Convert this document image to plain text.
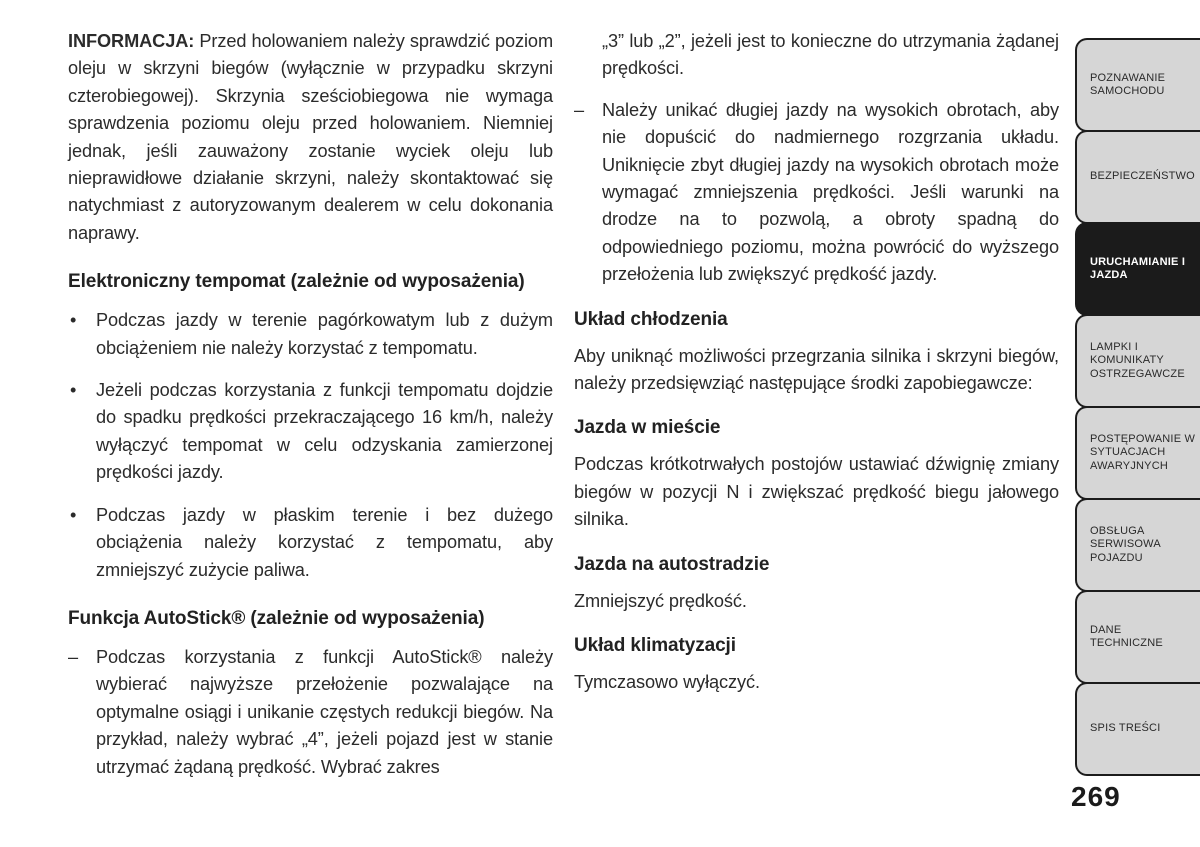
INFORMACJA: Przed holowaniem należy sprawdzić poziom oleju w skrzyni biegów (wyłącznie w przypadku skrzyni czterobiegowej). Skrzynia sześciobiegowa nie wymaga sprawdzenia poziomu oleju przed holowaniem. Niemniej jednak, jeśli zauważony zostanie wyciek oleju lub nieprawidłowe działanie skrzyni, należy skontaktować się natychmiast z autoryzowanym dealerem w celu dokonania naprawy.

Elektroniczny tempomat (zależnie od wyposażenia)
• Podczas jazdy w terenie pagórkowatym lub z dużym obciążeniem nie należy korzystać z tempomatu.
• Jeżeli podczas korzystania z funkcji tempomatu dojdzie do spadku prędkości przekraczającego 16 km/h, należy wyłączyć tempomat w celu odzyskania zamierzonej prędkości jazdy.
• Podczas jazdy w płaskim terenie i bez dużego obciążenia należy korzystać z tempomatu, aby zmniejszyć zużycie paliwa.
Funkcja AutoStick® (zależnie od wyposażenia)
– Podczas korzystania z funkcji AutoStick® należy wybierać najwyższe przełożenie pozwalające na optymalne osiągi i unikanie częstych redukcji biegów. Na przykład, należy wybrać „4”, jeżeli pojazd jest w stanie utrzymać żądaną prędkość. Wybrać zakres

„3” lub „2”, jeżeli jest to konieczne do utrzymania żądanej prędkości.

– Należy unikać długiej jazdy na wysokich obrotach, aby nie dopuścić do nadmiernego rozgrzania układu. Uniknięcie zbyt długiej jazdy na wysokich obrotach może wymagać zmniejszenia prędkości. Jeśli warunki na drodze na to pozwolą, a obroty spadną do odpowiedniego poziomu, można powrócić do wyższego przełożenia lub zwiększyć prędkość jazdy.
Układ chłodzenia

Aby uniknąć możliwości przegrzania silnika i skrzyni biegów, należy przedsięwziąć następujące środki zapobiegawcze:

Jazda w mieście

Podczas krótkotrwałych postojów ustawiać dźwignię zmiany biegów w pozycji N i zwiększać prędkość biegu jałowego silnika.

Jazda na autostradzie

Zmniejszyć prędkość.

Układ klimatyzacji

Tymczasowo wyłączyć.

POZNAWANIE SAMOCHODU
BEZPIECZEŃSTWO
URUCHAMIANIE I JAZDA
LAMPKI I KOMUNIKATY OSTRZEGAWCZE
POSTĘPOWANIE W SYTUACJACH AWARYJNYCH
OBSŁUGA SERWISOWA POJAZDU
DANE TECHNICZNE
SPIS TREŚCI
269
